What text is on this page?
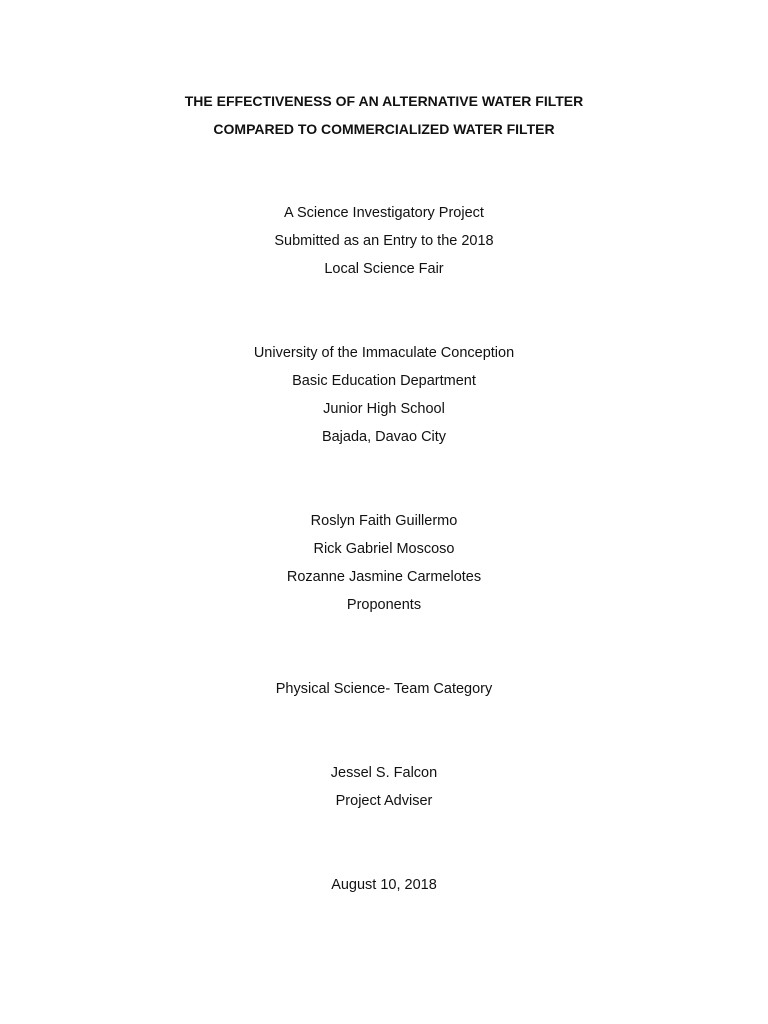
THE EFFECTIVENESS OF AN ALTERNATIVE WATER FILTER
COMPARED TO COMMERCIALIZED WATER FILTER
A Science Investigatory Project
Submitted as an Entry to the 2018
Local Science Fair
University of the Immaculate Conception
Basic Education Department
Junior High School
Bajada, Davao City
Roslyn Faith Guillermo
Rick Gabriel Moscoso
Rozanne Jasmine Carmelotes
Proponents
Physical Science- Team Category
Jessel S. Falcon
Project Adviser
August 10, 2018
